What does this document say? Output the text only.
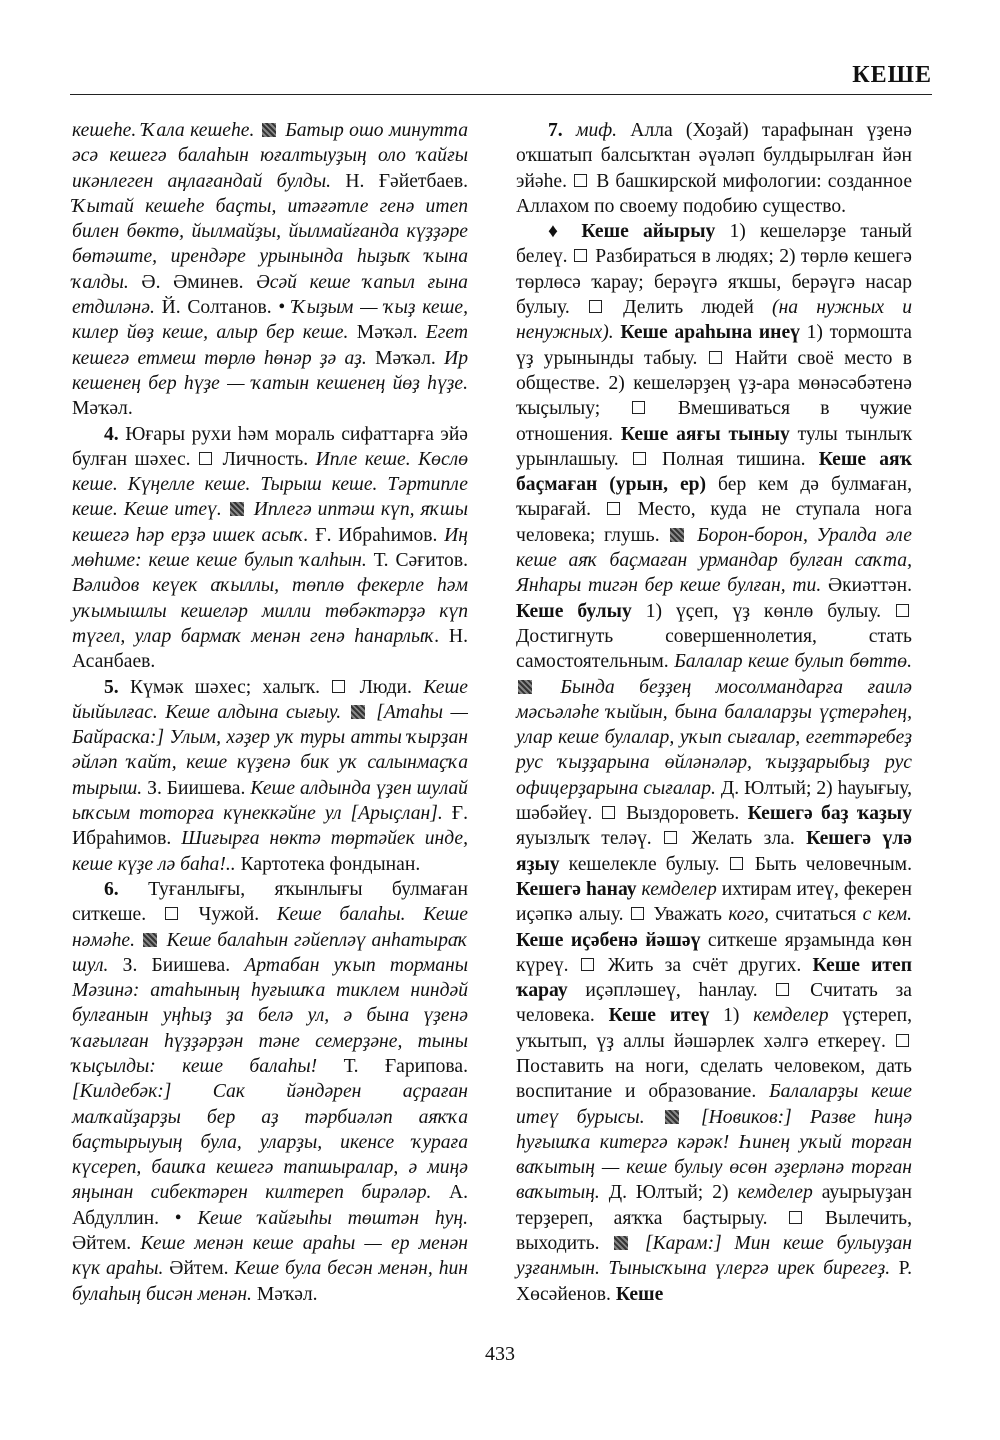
КЕШЕ

кешеһе. Ҡала кешеһе. Батыр ошо минутта әсә кешегә балаһын юғалтыуҙың оло ҡайғы икәнлеген аңлағандай булды. Н. Ғәйетбаев. Ҡытай кешеһе баҫты, итәғәтле генә итеп билен бөктө, йылмайҙы, йылмайғанда күҙҙәре бөтәште, ирендәре урынында һыҙыҡ ҡына ҡалды. Ә. Әминев. Әсәй кеше ҡапыл ғына етдиләнә. Й. Солтанов. • Ҡыҙым — ҡыҙ кеше, килер йөҙ кеше, алыр бер кеше. Мәҡәл. Егет кешегә етмеш төрлө һөнәр ҙә аҙ. Мәҡәл. Ир кешенең бер һүҙе — ҡатын кешенең йөҙ һүҙе. Мәҡәл.

4. Юғары рухи һәм мораль сифаттарға эйә булған шәхес. Личность. Ипле кеше. Көслө кеше. Күңелле кеше. Тырыш кеше. Тәртипле кеше. Кеше итеү. Иплегә иптәш күп, яҡшы кешегә һәр ерҙә ишек асыҡ. Ғ. Ибраһимов. Иң мөһиме: кеше кеше булып ҡалһын. Т. Сәғитов. Вәлидов кеүек аҡыллы, төплө фекерле һәм уҡымышлы кешеләр милли төбәктәрҙә күп түгел, улар бармаҡ менән генә һанарлыҡ. Н. Асанбаев.

5. Күмәк шәхес; халыҡ. Люди. Кеше йыйылғас. Кеше алдына сығыу. [Атаһы — Байраска:] Улым, хәҙер уҡ туры атты ҡырҙан әйләп ҡайт, кеше күҙенә бик уҡ салынмаҫҡа тырыш. З. Биишева. Кеше алдында үҙен шулай ыҡсым тоторға күнеккәйне ул [Арыҫлан]. Ғ. Ибраһимов. Шиғырға нөктә төртәйек инде, кеше күҙе лә баһа!.. Картотека фондынан.

6. Туғанлығы, яҡынлығы булмаған ситкеше.	Чужой. Кеше балаһы. Кеше нәмәһе. Кеше балаһын гәйепләү анһатыраҡ шул. З. Биишева. Артабан уҡып торманы Мәзинә: атаһының һуғышҡа тиклем ниндәй булғанын уңһыҙ ҙа белә ул, ә бына үҙенә ҡағылған һүҙҙәрҙән тәне семерҙәне, тыны ҡыҫылды: кеше балаһы! Т. Ғарипова. [Килдебәк:] Сак йәндәрен аҫраған малҡайҙарҙы бер аҙ тәрбиәләп аяҡҡа баҫтырыуың була, уларҙы, икенсе ҡураға күсереп, башҡа кешегә тапшыралар, ә миңә яңынан сибектәрен килтереп бирәләр. А. Абдуллин. • Кеше ҡайғыһы төштән һуң. Әйтем. Кеше менән кеше араһы — ер менән күк араһы. Әйтем. Кеше була бесән менән, һин булаһың бисән менән. Мәҡәл.

7. миф. Алла (Хоҙай) тарафынан үҙенә оҡшатып балсыҡтан әүәләп булдырылған йән эйәһе. В башкирской мифологии: созданное Аллахом по своему подобию существо.

♦ Кеше айырыу 1) кешеләрҙе таный белеү. Разбираться в людях; 2) төрлө кешегә төрлөсә ҡарау; берәүгә яҡшы, берәүгә насар булыу.	Делить людей (на нужных и ненужных). Кеше араһына инеү 1) тормошта үҙ урынынды табыу. Найти своё место в обществе. 2) кешеләрҙең үҙ-ара мөнәсәбәтенә ҡыҫылыу;	Вмешиваться в чужие отношения. Кеше аяғы тыныу тулы тынлыҡ урынлашыу. Полная тишина. Кеше аяҡ баҫмаған (урын, ер) бер кем дә булмаған, ҡырағай. Место, куда не ступала нога человека; глушь. Борон-борон, Уралда әле кеше аяҡ баҫмаған урмандар булған саҡта, Янһары тигән бер кеше булған, ти. Әкиәттән. Кеше булыу 1) үҫеп, үҙ көнлө булыу.  Достигнуть совершеннолетия, стать самостоятельным. Балалар кеше булып бөттө.  Бында беҙҙең мосолмандарға ғаилә мәсьәләһе ҡыйын, бына балаларҙы үҫтерәһең, улар кеше булалар, уҡып сығалар, егеттәребеҙ рус ҡыҙҙарына өйләнәләр, ҡыҙҙарыбыҙ рус офицерҙарына сығалар. Д. Юлтый; 2) һауығыу, шәбәйеү. Выздороветь. Кешегә баҙ ҡаҙыу яуызлыҡ теләү. Желать зла. Кешегә үлә яҙыу кешелекле булыу. Быть человечным. Кешегә һанау кемделер ихтирам итеү, фекерен иҫәпкә алыу. Уважать кого, считаться с кем. Кеше иҫәбенә йәшәү ситкеше ярҙамында көн күреү. Жить за счёт других. Кеше итеп ҡарау иҫәпләшеү, һанлау.	Считать за человека. Кеше итеү 1) кемделер үҫтереп, уҡытып, үҙ аллы йәшәрлек хәлгә еткереү.  Поставить на ноги, сделать человеком, дать воспитание и образование. Балаларҙы кеше итеү бурысы.	[Новиков:] Разве һиңә һуғышҡа китергә кәрәк! Һинең уҡый торған ваҡытың — кеше булыу өсөн әҙерләнә торған ваҡытың. Д. Юлтый; 2) кемделер ауырыуҙан терҙереп, аяҡҡа баҫтырыу.	Вылечить, выходить. [Карам:] Мин кеше булыуҙан уҙғанмын. Тынысҡына үлергә ирек бирегеҙ. Р. Хөсәйенов. Кеше

433
